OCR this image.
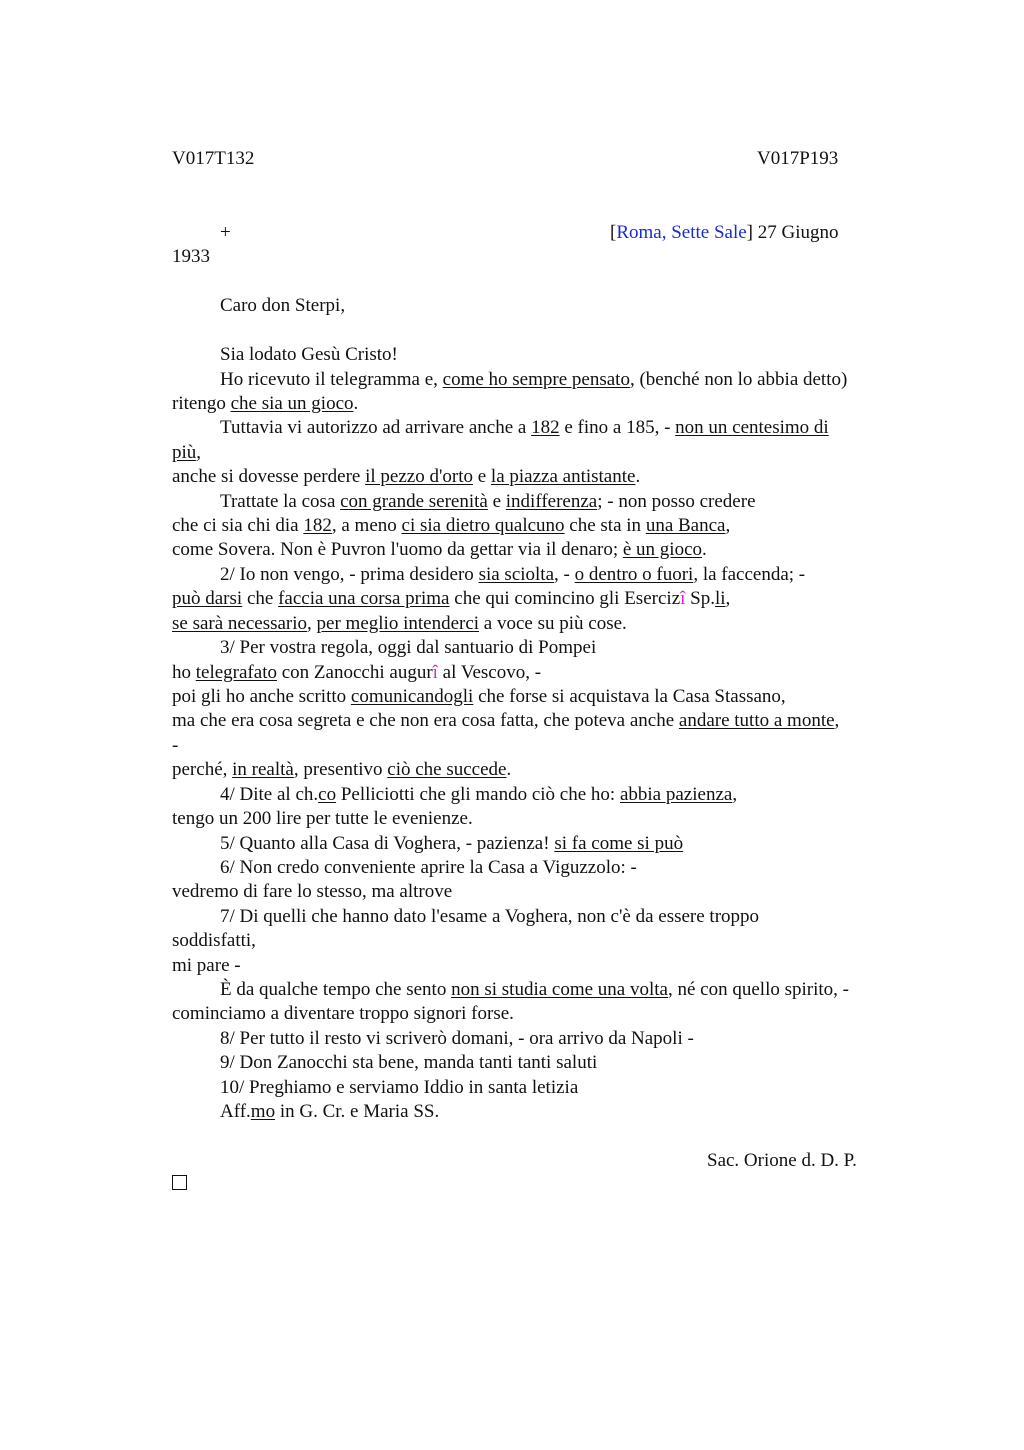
V017T132	V017P193
+	[Roma, Sette Sale] 27 Giugno
1933
Caro don Sterpi,
Sia lodato Gesù Cristo!
Ho ricevuto il telegramma e, come ho sempre pensato, (benché non lo abbia detto)
ritengo che sia un gioco.
Tuttavia vi autorizzo ad arrivare anche a 182 e fino a 185, - non un centesimo di
più,
anche si dovesse perdere il pezzo d'orto e la piazza antistante.
Trattate la cosa con grande serenità e indifferenza; - non posso credere
che ci sia chi dia 182, a meno ci sia dietro qualcuno che sta in una Banca,
come Sovera. Non è Puvron l'uomo da gettar via il denaro; è un gioco.
2/ Io non vengo, - prima desidero sia sciolta, - o dentro o fuori, la faccenda; -
può darsi che faccia una corsa prima che qui comincino gli Esercizî Sp.li,
se sarà necessario, per meglio intenderci a voce su più cose.
3/ Per vostra regola, oggi dal santuario di Pompei
ho telegrafato con Zanocchi augurî al Vescovo, -
poi gli ho anche scritto comunicandogli che forse si acquistava la Casa Stassano,
ma che era cosa segreta e che non era cosa fatta, che poteva anche andare tutto a monte,
-
perché, in realtà, presentivo ciò che succede.
4/ Dite al ch.co Pelliciotti che gli mando ciò che ho: abbia pazienza,
tengo un 200 lire per tutte le evenienze.
5/ Quanto alla Casa di Voghera, - pazienza! si fa come si può
6/ Non credo conveniente aprire la Casa a Viguzzolo: -
vedremo di fare lo stesso, ma altrove
7/ Di quelli che hanno dato l'esame a Voghera, non c'è da essere troppo
soddisfatti,
mi pare -
È da qualche tempo che sento non si studia come una volta, né con quello spirito, -
cominciamo a diventare troppo signori forse.
8/ Per tutto il resto vi scriverò domani, - ora arrivo da Napoli -
9/ Don Zanocchi sta bene, manda tanti tanti saluti
10/ Preghiamo e serviamo Iddio in santa letizia
Aff.mo in G. Cr. e Maria SS.
Sac. Orione d. D. P.
